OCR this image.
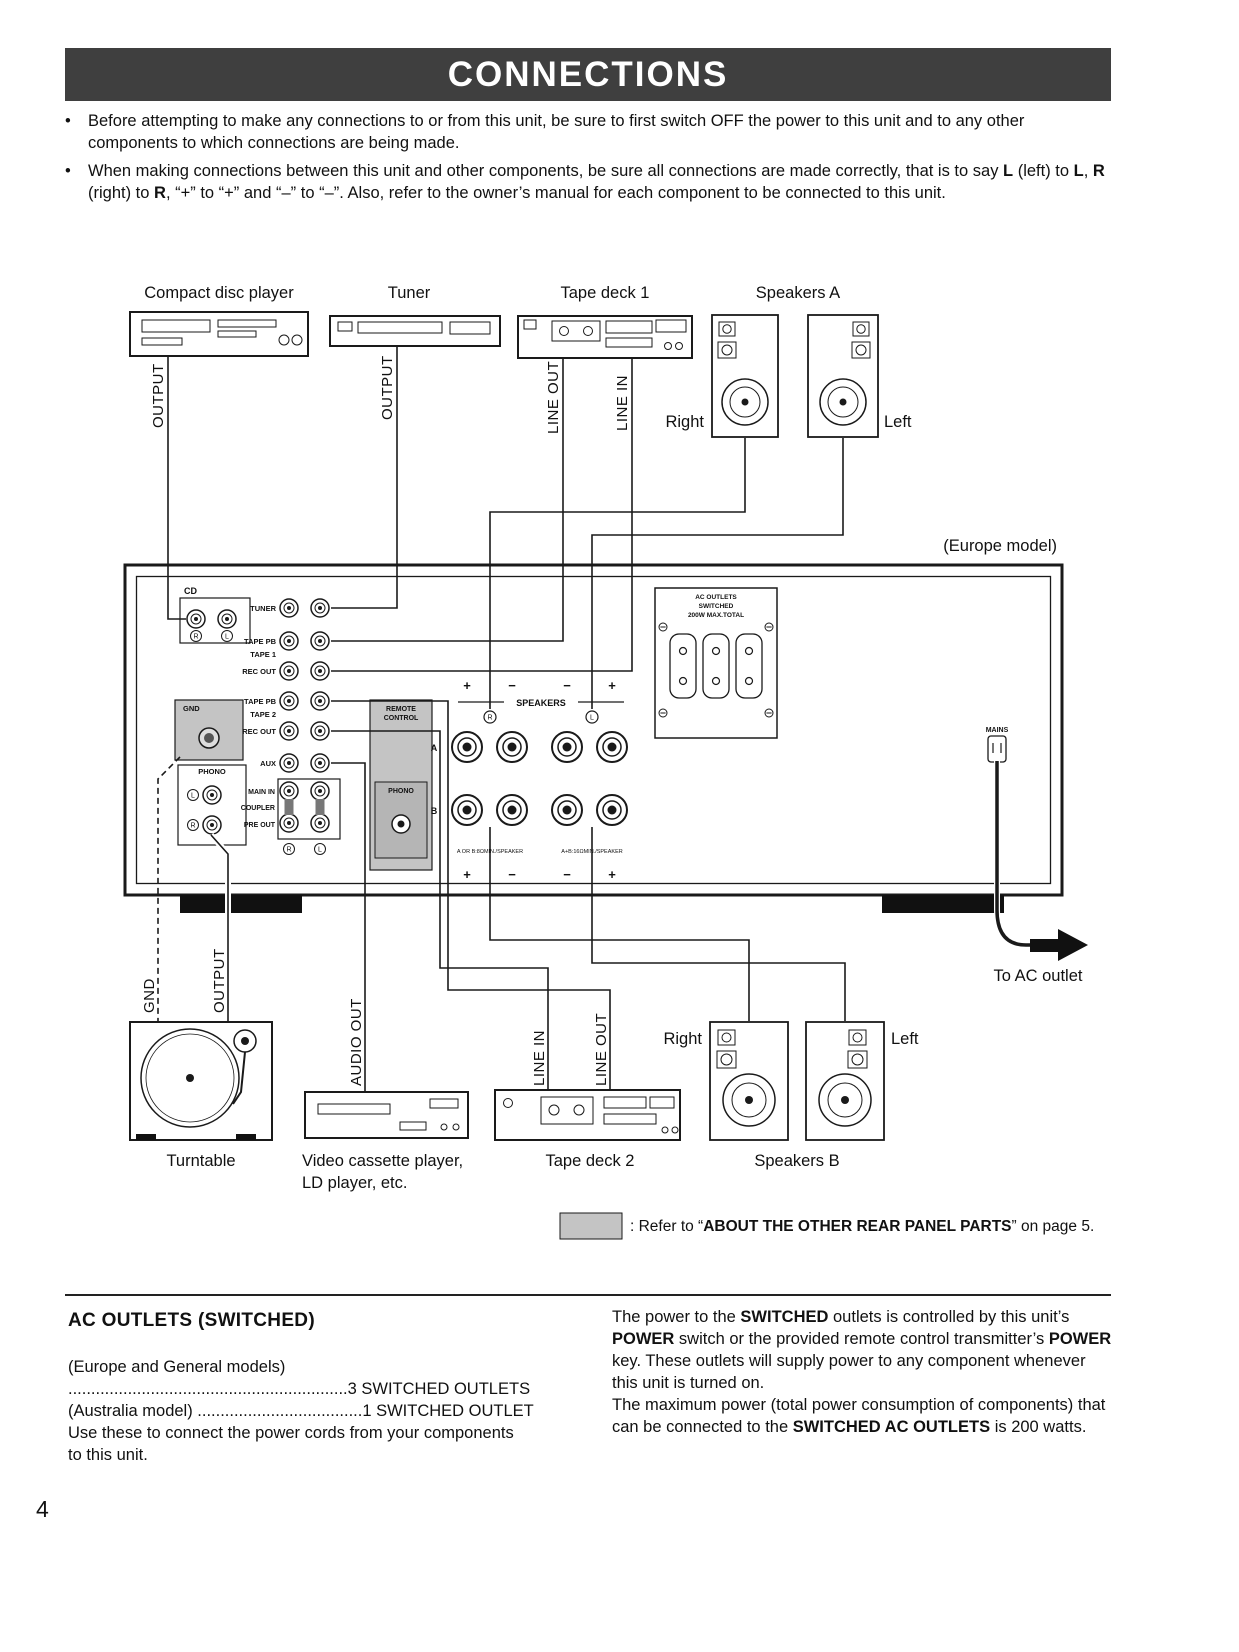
CONNECTIONS
• Before attempting to make any connections to or from this unit, be sure to first switch OFF the power to this unit and to any other components to which connections are being made.
• When making connections between this unit and other components, be sure all connections are made correctly, that is to say L (left) to L, R (right) to R, “+” to “+” and “–” to “–”. Also, refer to the owner’s manual for each component to be connected to this unit.
CD
R	L
TUNER
TAPE PB
TAPE 1
REC OUT
TAPE PB
TAPE 2
REC OUT
AUX
GND
PHONO
L
R
MAIN IN
COUPLER
PRE OUT
R	L
REMOTE
CONTROL
PHONO
SPEAKERS
R	L
+	−	−	+
A
B
A OR B:8ΩMIN./SPEAKER	A+B:16ΩMIN./SPEAKER
+	−	−	+
AC OUTLETS
SWITCHED
200W MAX.TOTAL
MAINS
Compact disc player	Tuner	Tape deck 1	Speakers A
Right	Left
(Europe model)
OUTPUT	OUTPUT	LINE OUT	LINE IN
GND	OUTPUT
AUDIO OUT	LINE IN	LINE OUT
To AC outlet
Right	Left
Turntable	Video cassette player,
LD player, etc.
Tape deck 2	Speakers B
: Refer to “ABOUT THE OTHER REAR PANEL PARTS” on page 5.
AC OUTLETS (SWITCHED)
(Europe and General models)
.............................................................3 SWITCHED OUTLETS
(Australia model) ....................................1 SWITCHED OUTLET
Use these to connect the power cords from your components
to this unit.
The power to the SWITCHED outlets is controlled by this unit’s POWER switch or the provided remote control transmitter’s POWER key. These outlets will supply power to any component whenever this unit is turned on.
The maximum power (total power consumption of components) that can be connected to the SWITCHED AC OUTLETS is 200 watts.
4
